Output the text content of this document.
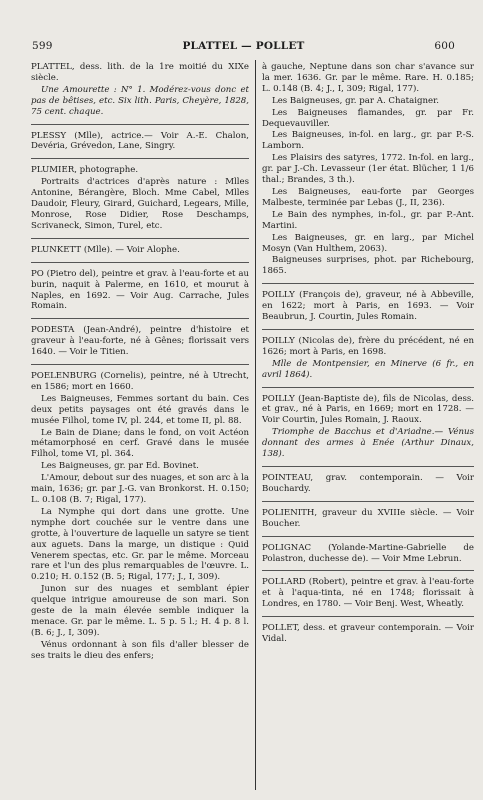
599	PLATTEL — POLLET	600

PLATTEL, dess. lith. de la 1re moitié du XIXe siècle.

Une Amourette : N° 1. Modérez-vous donc et pas de bêtises, etc. Six lith. Paris, Cheyère, 1828, 75 cent. chaque.

PLESSY (Mlle), actrice.— Voir A.-E. Chalon, Devéria, Grévedon, Lane, Singry.

PLUMIER, photographe.

Portraits d'actrices d'après nature : Mlles Antonine, Bérangère, Bloch. Mme Cabel, Mlles Daudoir, Fleury, Girard, Guichard, Legears, Mille, Monrose, Rose Didier, Rose Deschamps, Scrivaneck, Simon, Turel, etc.

PLUNKETT (Mlle). — Voir Alophe.

PO (Pietro del), peintre et grav. à l'eau-forte et au burin, naquit à Palerme, en 1610, et mourut à Naples, en 1692. — Voir Aug. Carrache, Jules Romain.

PODESTA (Jean-André), peintre d'histoire et graveur à l'eau-forte, né à Gênes; florissait vers 1640. — Voir le Titien.

POELENBURG (Cornelis), peintre, né à Utrecht, en 1586; mort en 1660.

Les Baigneuses, Femmes sortant du bain. Ces deux petits paysages ont été gravés dans le musée Filhol, tome IV, pl. 244, et tome II, pl. 88.

Le Bain de Diane; dans le fond, on voit Actéon métamorphosé en cerf. Gravé dans le musée Filhol, tome VI, pl. 364.

Les Baigneuses, gr. par Ed. Bovinet.

L'Amour, debout sur des nuages, et son arc à la main, 1636; gr. par J.-G. van Bronkorst. H. 0.150; L. 0.108 (B. 7; Rigal, 177).

La Nymphe qui dort dans une grotte. Une nymphe dort couchée sur le ventre dans une grotte, à l'ouverture de laquelle un satyre se tient aux aguets. Dans la marge, un distique : Quid Venerem spectas, etc. Gr. par le même. Morceau rare et l'un des plus remarquables de l'œuvre. L. 0.210; H. 0.152 (B. 5; Rigal, 177; J., I, 309).

Junon sur des nuages et semblant épier quelque intrigue amoureuse de son mari. Son geste de la main élevée semble indiquer la menace. Gr. par le même. L. 5 p. 5 l.; H. 4 p. 8 l. (B. 6; J., I, 309).

Vénus ordonnant à son fils d'aller blesser de ses traits le dieu des enfers;

à gauche, Neptune dans son char s'avance sur la mer. 1636. Gr. par le même. Rare. H. 0.185; L. 0.148 (B. 4; J., I, 309; Rigal, 177).

Les Baigneuses, gr. par A. Chataigner.

Les Baigneuses flamandes, gr. par Fr. Dequevauviller.

Les Baigneuses, in-fol. en larg., gr. par P.-S. Lamborn.

Les Plaisirs des satyres, 1772. In-fol. en larg., gr. par J.-Ch. Levasseur (1er état. Blücher, 1 1/6 thal.; Brandes, 3 th.).

Les Baigneuses, eau-forte par Georges Malbeste, terminée par Lebas (J., II, 236).

Le Bain des nymphes, in-fol., gr. par P.-Ant. Martini.

Les Baigneuses, gr. en larg., par Michel Mosyn (Van Hulthem, 2063).

Baigneuses surprises, phot. par Richebourg, 1865.

POILLY (François de), graveur, né à Abbeville, en 1622; mort à Paris, en 1693. — Voir Beaubrun, J. Courtin, Jules Romain.

POILLY (Nicolas de), frère du précédent, né en 1626; mort à Paris, en 1698.

Mlle de Montpensier, en Minerve (6 fr., en avril 1864).

POILLY (Jean-Baptiste de), fils de Nicolas, dess. et grav., né à Paris, en 1669; mort en 1728. — Voir Courtin, Jules Romain, J. Raoux.

Triomphe de Bacchus et d'Ariadne.— Vénus donnant des armes à Enée (Arthur Dinaux, 138).

POINTEAU, grav. contemporain. — Voir Bouchardy.

POLIENITH, graveur du XVIIIe siècle. — Voir Boucher.

POLIGNAC (Yolande-Martine-Gabrielle de Polastron, duchesse de). — Voir Mme Lebrun.

POLLARD (Robert), peintre et grav. à l'eau-forte et à l'aqua-tinta, né en 1748; florissait à Londres, en 1780. — Voir Benj. West, Wheatly.

POLLET, dess. et graveur contemporain. — Voir Vidal.
